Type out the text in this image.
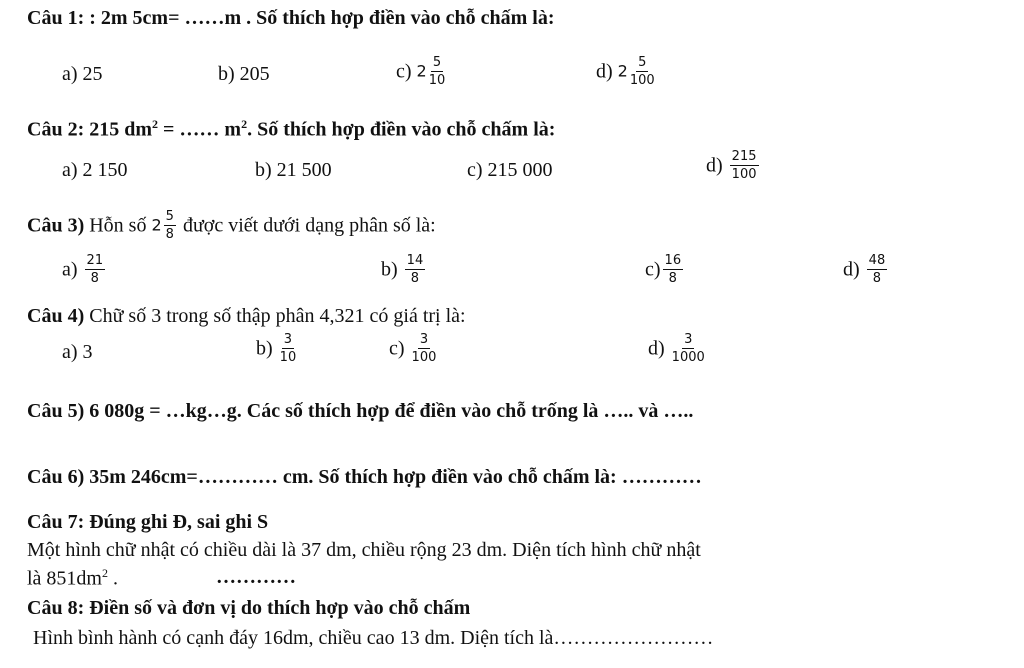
Câu 1: : 2m 5cm= ……m . Số thích hợp điền vào chỗ chấm là:
a) 25	b) 205	c) $2 \frac{5}{10}$	d) $2 \frac{5}{100}$
Câu 2: 215 $dm^2$ = …… $m^2$. Số thích hợp điền vào chỗ chấm là:
a) 2 150	b) 21 500	c) 215 000	$d) \frac{215}{100}$
Câu 3) Hỗn số $2 \frac{5}{8}$ được viết dưới dạng phân số là:
$a) \frac{21}{8}$	$b) \frac{14}{8}$	$c) \frac{16}{8}$	$d) \frac{48}{8}$
Câu 4) Chữ số 3 trong số thập phân 4,321 có giá trị là:
a) 3	$b) \frac{3}{10}$	$c) \frac{3}{100}$	$d) \frac{3}{1000}$
Câu 5) 6 080g = …kg…g. Các số thích hợp để điền vào chỗ trống là ….. và …..
Câu 6) 35m 246cm=………… cm. Số thích hợp điền vào chỗ chấm là: …………
Câu 7: Đúng ghi Đ, sai ghi S
Một hình chữ nhật có chiều dài là 37 dm, chiều rộng 23 dm. Diện tích hình chữ nhật
là $851dm^2$ .	…………
Câu 8: Điền số và đơn vị do thích hợp vào chỗ chấm
Hình bình hành có cạnh đáy 16dm, chiều cao 13 dm. Diện tích là……………………
